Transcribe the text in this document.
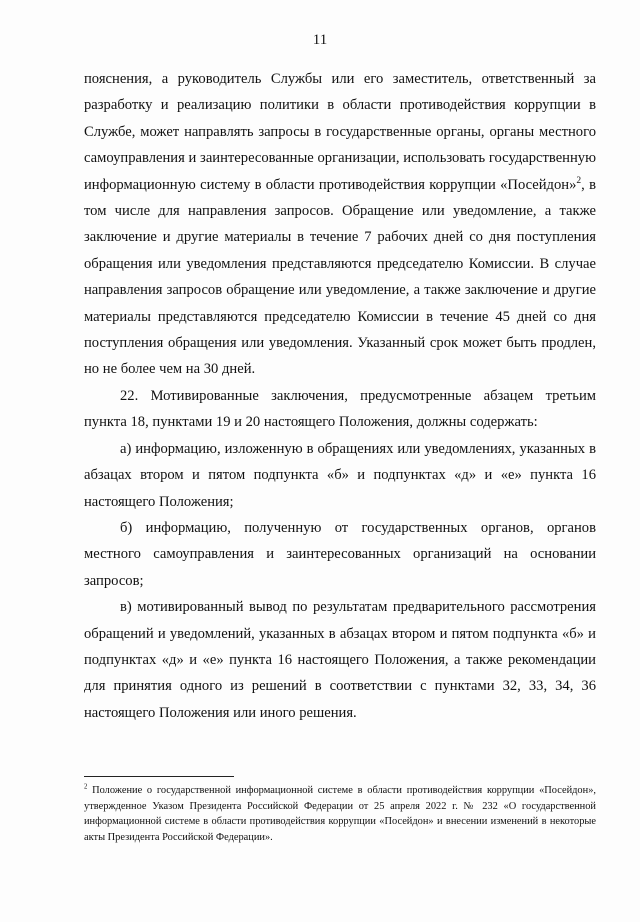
11

пояснения, а руководитель Службы или его заместитель, ответственный за разработку и реализацию политики в области противодействия коррупции в Службе, может направлять запросы в государственные органы, органы местного самоуправления и заинтересованные организации, использовать государственную информационную систему в области противодействия коррупции «Посейдон»$^2$, в том числе для направления запросов. Обращение или уведомление, а также заключение и другие материалы в течение 7 рабочих дней со дня поступления обращения или уведомления представляются председателю Комиссии. В случае направления запросов обращение или уведомление, а также заключение и другие материалы представляются председателю Комиссии в течение 45 дней со дня поступления обращения или уведомления. Указанный срок может быть продлен, но не более чем на 30 дней.

22. Мотивированные заключения, предусмотренные абзацем третьим пункта 18, пунктами 19 и 20 настоящего Положения, должны содержать:

а) информацию, изложенную в обращениях или уведомлениях, указанных в абзацах втором и пятом подпункта «б» и подпунктах «д» и «е» пункта 16 настоящего Положения;

б) информацию, полученную от государственных органов, органов местного самоуправления и заинтересованных организаций на основании запросов;

в) мотивированный вывод по результатам предварительного рассмотрения обращений и уведомлений, указанных в абзацах втором и пятом подпункта «б» и подпунктах «д» и «е» пункта 16 настоящего Положения, а также рекомендации для принятия одного из решений в соответствии с пунктами 32, 33, 34, 36 настоящего Положения или иного решения.

$^2$ Положение о государственной информационной системе в области противодействия коррупции «Посейдон», утвержденное Указом Президента Российской Федерации от 25 апреля 2022 г. № 232 «О государственной информационной системе в области противодействия коррупции «Посейдон» и внесении изменений в некоторые акты Президента Российской Федерации».
